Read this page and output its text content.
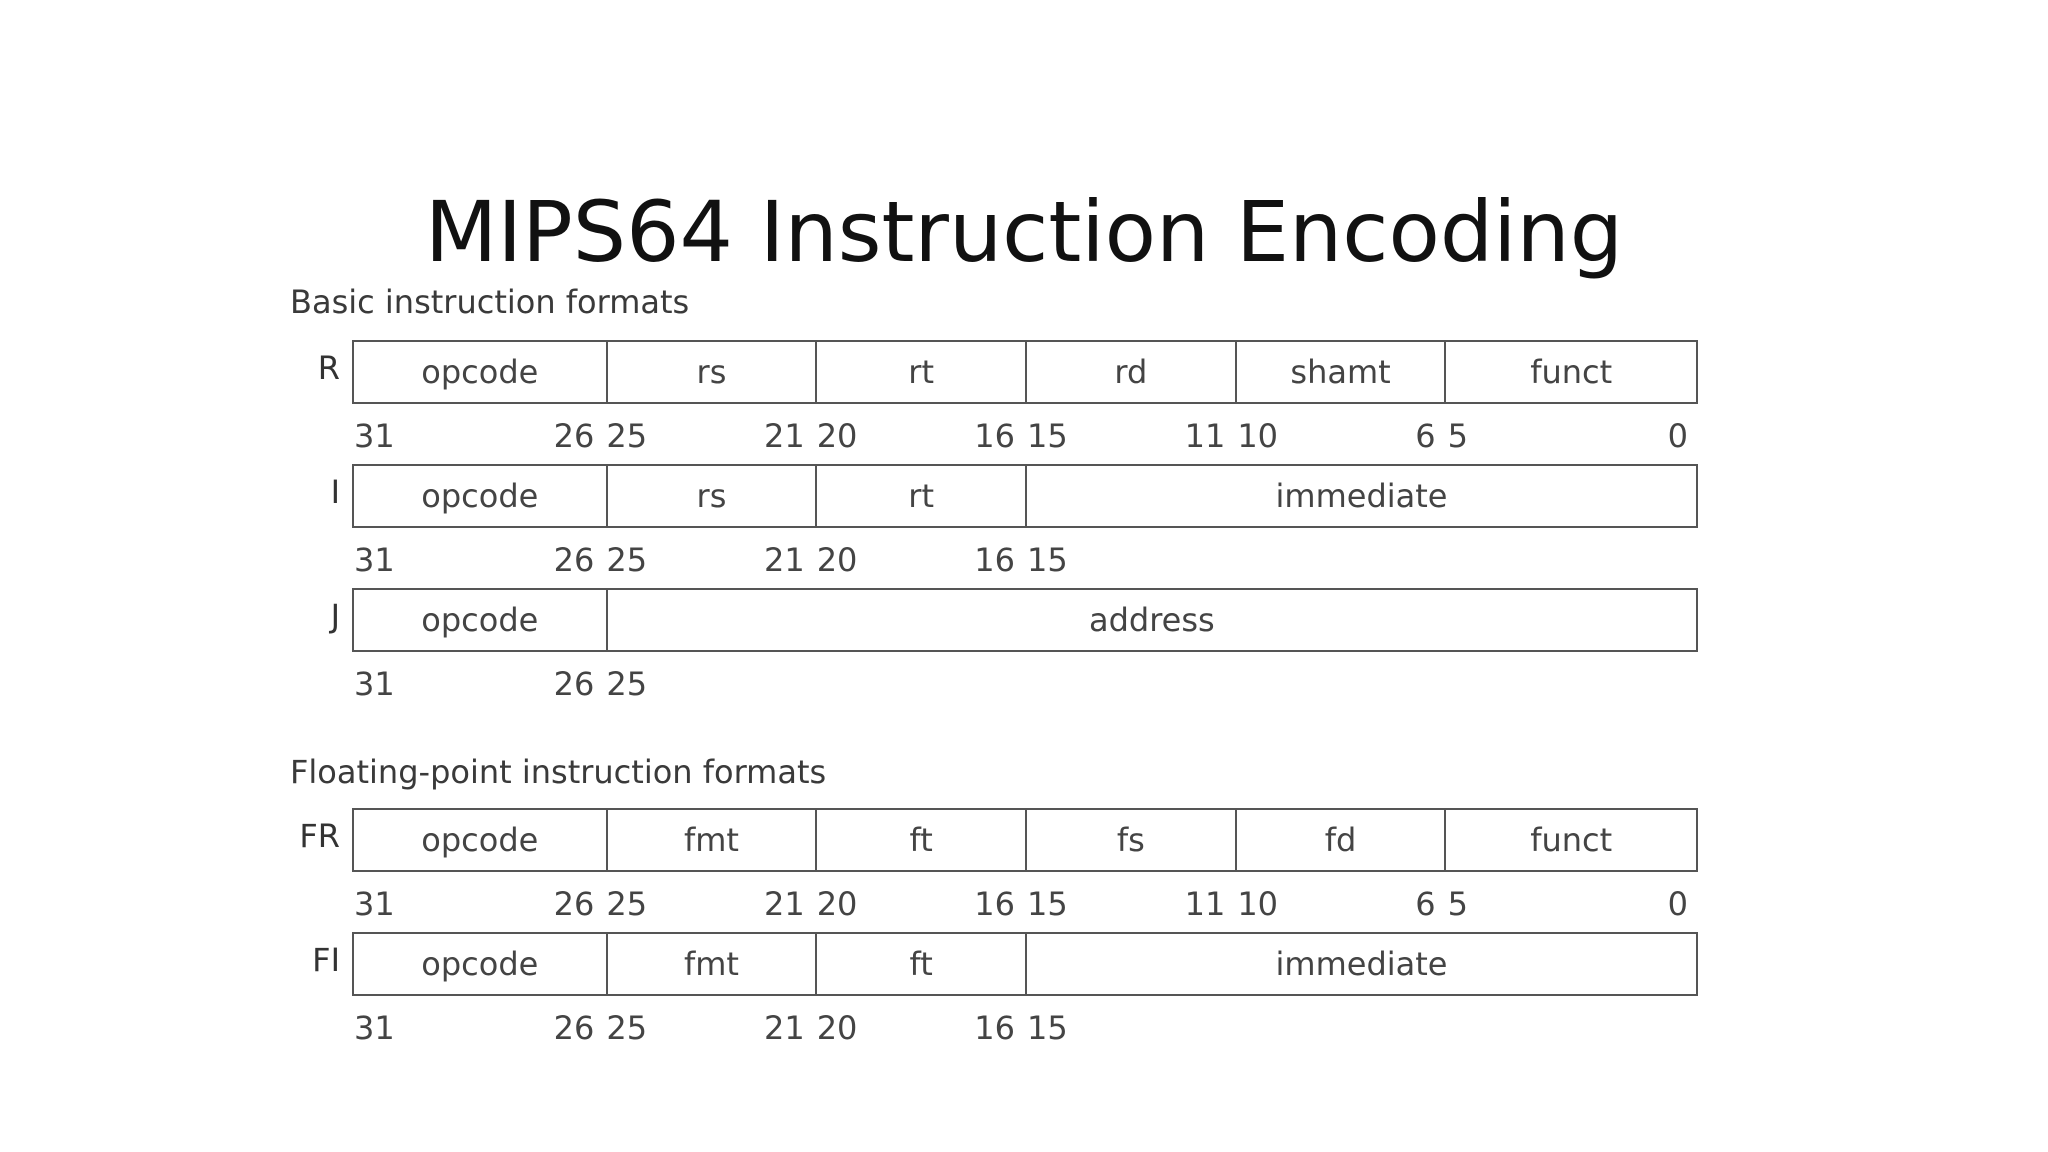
MIPS64 Instruction Encoding
Basic instruction formats
R	opcode	rs	rt	rd	shamt	funct
31	26 25	21 20	16 15	11 10	6 5	0
I	opcode	rs	rt	immediate
31	26 25	21 20	16 15
J	opcode	address
31	26 25
Floating-point instruction formats
FR	opcode	fmt	ft	fs	fd	funct
31	26 25	21 20	16 15	11 10	6 5	0
FI	opcode	fmt	ft	immediate
31	26 25	21 20	16 15
